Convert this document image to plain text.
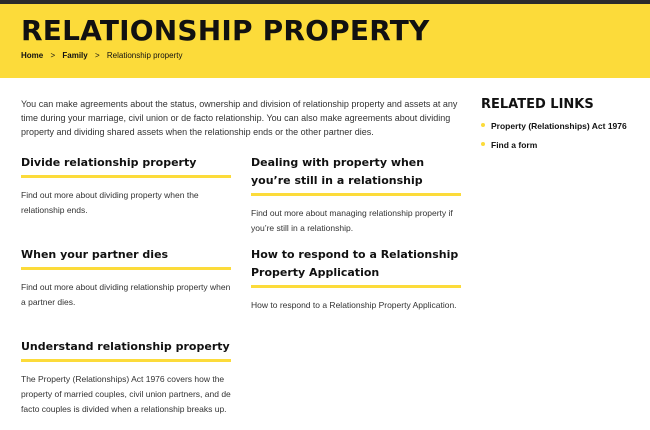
RELATIONSHIP PROPERTY
Home > Family > Relationship property

You can make agreements about the status, ownership and division of relationship property and assets at any time during your marriage, civil union or de facto relationship. You can also make agreements about dividing property and dividing shared assets when the relationship ends or the other partner dies.

Divide relationship property

Find out more about dividing property when the relationship ends.

Dealing with property when you’re still in a relationship

Find out more about managing relationship property if you’re still in a relationship.

When your partner dies

Find out more about dividing relationship property when a partner dies.

How to respond to a Relationship Property Application

How to respond to a Relationship Property Application.

Understand relationship property

The Property (Relationships) Act 1976 covers how the property of married couples, civil union partners, and de facto couples is divided when a relationship breaks up.

RELATED LINKS
Property (Relationships) Act 1976
Find a form
